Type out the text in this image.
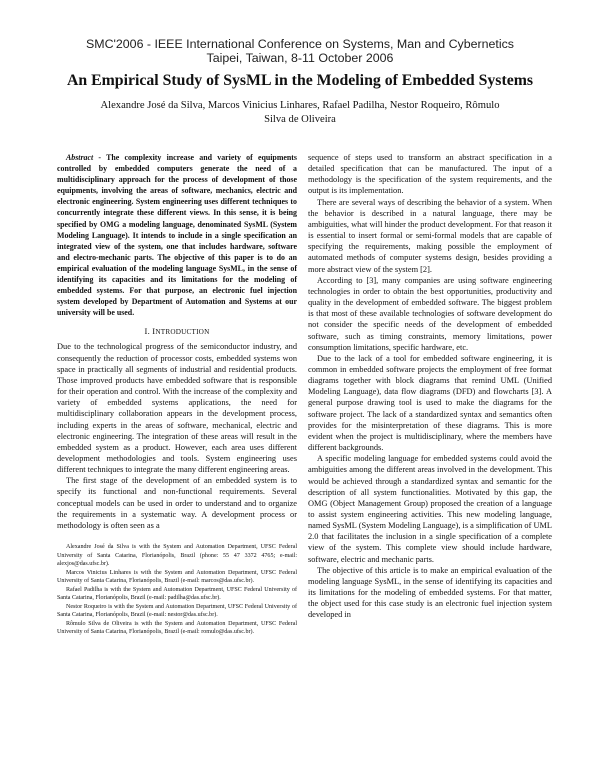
SMC'2006 - IEEE International Conference on Systems, Man and Cybernetics
Taipei, Taiwan, 8-11 October 2006
An Empirical Study of SysML in the Modeling of Embedded Systems
Alexandre José da Silva, Marcos Vinicius Linhares, Rafael Padilha, Nestor Roqueiro, Rômulo Silva de Oliveira

Abstract - The complexity increase and variety of equipments controlled by embedded computers generate the need of a multidisciplinary approach for the process of development of those equipments, involving the areas of software, mechanics, electric and electronic engineering. System engineering uses different techniques to concurrently integrate these different views. In this sense, it is being specified by OMG a modeling language, denominated SysML (System Modeling Language). It intends to include in a single specification an integrated view of the system, one that includes hardware, software and electro-mechanic parts. The objective of this paper is to do an empirical evaluation of the modeling language SysML, in the sense of identifying its capacities and its limitations for the modeling of embedded systems. For that purpose, an electronic fuel injection system developed by Department of Automation and Systems at our university will be used.

I. INTRODUCTION

Due to the technological progress of the semiconductor industry, and consequently the reduction of processor costs, embedded systems won space in practically all segments of industrial and residential products. Those improved products have embedded software that is responsible for their operation and control. With the increase of the complexity and variety of embedded systems applications, the need for multidisciplinary collaboration appears in the development process, including experts in the areas of software, mechanical, electric and electronic engineering. The integration of these areas will result in the embedded system as a product. However, each area uses different development methodologies and tools. System engineering uses different techniques to integrate the many different engineering areas.

The first stage of the development of an embedded system is to specify its functional and non-functional requirements. Several conceptual models can be used in order to understand and to organize the requirements in a systematic way. A development process or methodology is often seen as a

Alexandre José da Silva is with the System and Automation Department, UFSC Federal University of Santa Catarina, Florianópolis, Brazil (phone: 55 47 3372 4765; e-mail: alexjos@das.ufsc.br).

Marcos Vinicius Linhares is with the System and Automation Department, UFSC Federal University of Santa Catarina, Florianópolis, Brazil (e-mail: marcos@das.ufsc.br).

Rafael Padilha is with the System and Automation Department, UFSC Federal University of Santa Catarina, Florianópolis, Brazil (e-mail: padilha@das.ufsc.br).

Nestor Roqueiro is with the System and Automation Department, UFSC Federal University of Santa Catarina, Florianópolis, Brazil (e-mail: nestor@das.ufsc.br).

Rômulo Silva de Oliveira is with the System and Automation Department, UFSC Federal University of Santa Catarina, Florianópolis, Brazil (e-mail: romulo@das.ufsc.br).

sequence of steps used to transform an abstract specification in a detailed specification that can be manufactured. The input of a methodology is the specification of the system requirements, and the output is its implementation.

There are several ways of describing the behavior of a system. When the behavior is described in a natural language, there may be ambiguities, what will hinder the product development. For that reason it is essential to insert formal or semi-formal models that are capable of specifying the requirements, making possible the employment of automated methods of computer systems design, besides providing a more abstract view of the system [2].

According to [3], many companies are using software engineering technologies in order to obtain the best opportunities, productivity and quality in the development of embedded software. The biggest problem is that most of these available technologies of software development do not consider the specific needs of the development of embedded software, such as timing constraints, memory limitations, power consumption limitations, specific hardware, etc.

Due to the lack of a tool for embedded software engineering, it is common in embedded software projects the employment of free format diagrams together with block diagrams that remind UML (Unified Modeling Language), data flow diagrams (DFD) and flowcharts [3]. A general purpose drawing tool is used to make the diagrams for the software project. The lack of a standardized syntax and semantics often provides for the misinterpretation of these diagrams. This is more evident when the project is multidisciplinary, where the members have different backgrounds.

A specific modeling language for embedded systems could avoid the ambiguities among the different areas involved in the development. This would be achieved through a standardized syntax and semantic for the description of all system functionalities. Motivated by this gap, the OMG (Object Management Group) proposed the creation of a language to assist system engineering activities. This new modeling language, named SysML (System Modeling Language), is a simplification of UML 2.0 that facilitates the inclusion in a single specification of a complete view of the system. This complete view should include hardware, software, electric and mechanic parts.

The objective of this article is to make an empirical evaluation of the modeling language SysML, in the sense of identifying its capacities and its limitations for the modeling of embedded systems. For that matter, the object used for this case study is an electronic fuel injection system developed in
